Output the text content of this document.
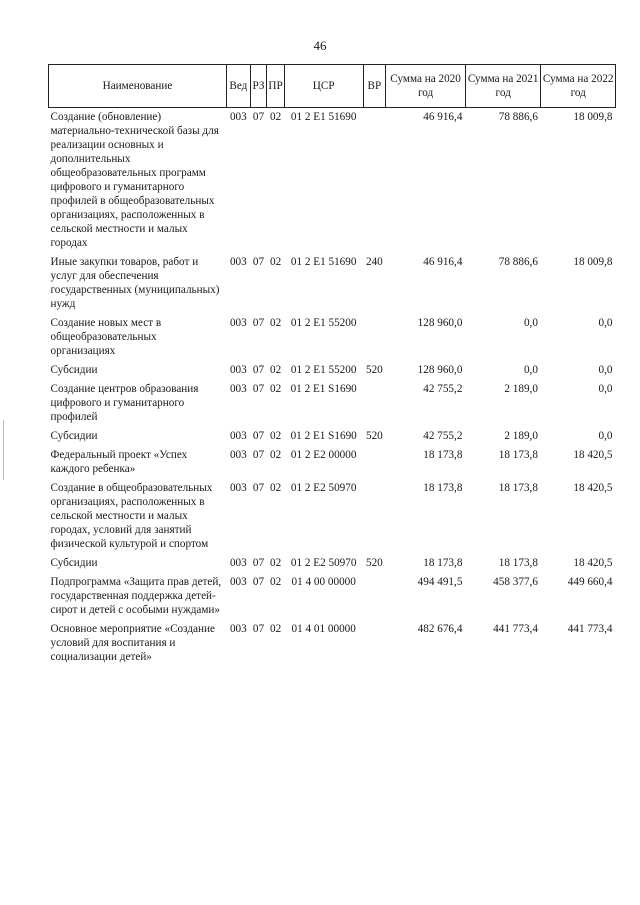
46
Наименование	Вед	РЗ	ПР	ЦСР	ВР	Сумма на 2020 год	Сумма на 2021 год	Сумма на 2022 год
Создание (обновление) материально-технической базы для реализации основных и дополнительных общеобразовательных программ цифрового и гуманитарного профилей в общеобразовательных организациях, расположенных в сельской местности и малых городах	003	07	02	01 2 E1 51690		46 916,4	78 886,6	18 009,8
Иные закупки товаров, работ и услуг для обеспечения государственных (муниципальных) нужд	003	07	02	01 2 E1 51690	240	46 916,4	78 886,6	18 009,8
Создание новых мест в общеобразовательных организациях	003	07	02	01 2 E1 55200		128 960,0	0,0	0,0
Субсидии	003	07	02	01 2 E1 55200	520	128 960,0	0,0	0,0
Создание центров образования цифрового и гуманитарного профилей	003	07	02	01 2 E1 S1690		42 755,2	2 189,0	0,0
Субсидии	003	07	02	01 2 E1 S1690	520	42 755,2	2 189,0	0,0
Федеральный проект «Успех каждого ребенка»	003	07	02	01 2 E2 00000		18 173,8	18 173,8	18 420,5
Создание в общеобразовательных организациях, расположенных в сельской местности и малых городах, условий для занятий физической культурой и спортом	003	07	02	01 2 E2 50970		18 173,8	18 173,8	18 420,5
Субсидии	003	07	02	01 2 E2 50970	520	18 173,8	18 173,8	18 420,5
Подпрограмма «Защита прав детей, государственная поддержка детей-сирот и детей с особыми нуждами»	003	07	02	01 4 00 00000		494 491,5	458 377,6	449 660,4
Основное мероприятие «Создание условий для воспитания и социализации детей»	003	07	02	01 4 01 00000		482 676,4	441 773,4	441 773,4
